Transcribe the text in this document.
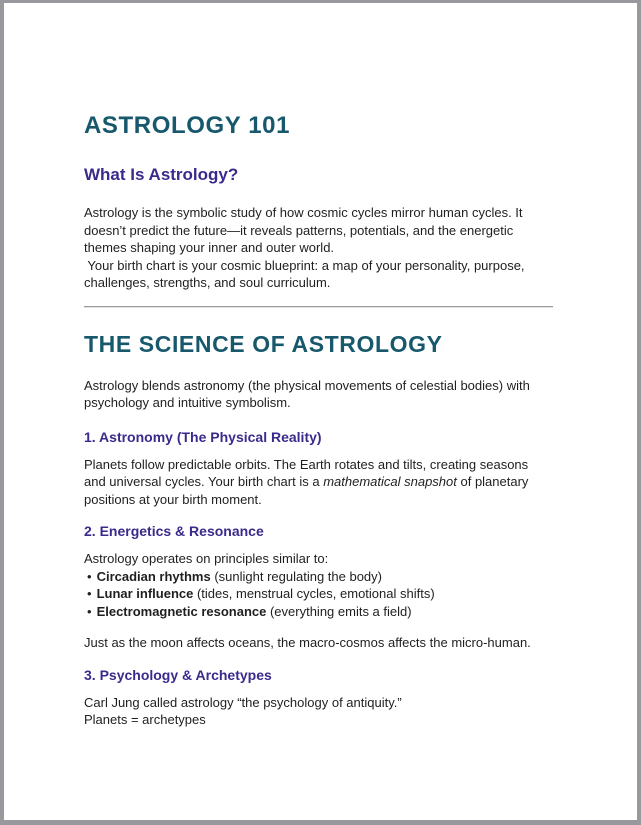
ASTROLOGY 101
What Is Astrology?
Astrology is the symbolic study of how cosmic cycles mirror human cycles. It
doesn’t predict the future—it reveals patterns, potentials, and the energetic
themes shaping your inner and outer world.
Your birth chart is your cosmic blueprint: a map of your personality, purpose,
challenges, strengths, and soul curriculum.
THE SCIENCE OF ASTROLOGY
Astrology blends astronomy (the physical movements of celestial bodies) with
psychology and intuitive symbolism.
1. Astronomy (The Physical Reality)
Planets follow predictable orbits. The Earth rotates and tilts, creating seasons
and universal cycles. Your birth chart is a mathematical snapshot of planetary
positions at your birth moment.
2. Energetics & Resonance
Astrology operates on principles similar to:
• Circadian rhythms (sunlight regulating the body)
• Lunar influence (tides, menstrual cycles, emotional shifts)
• Electromagnetic resonance (everything emits a field)
Just as the moon affects oceans, the macro-cosmos affects the micro-human.
3. Psychology & Archetypes
Carl Jung called astrology “the psychology of antiquity.”
Planets = archetypes
